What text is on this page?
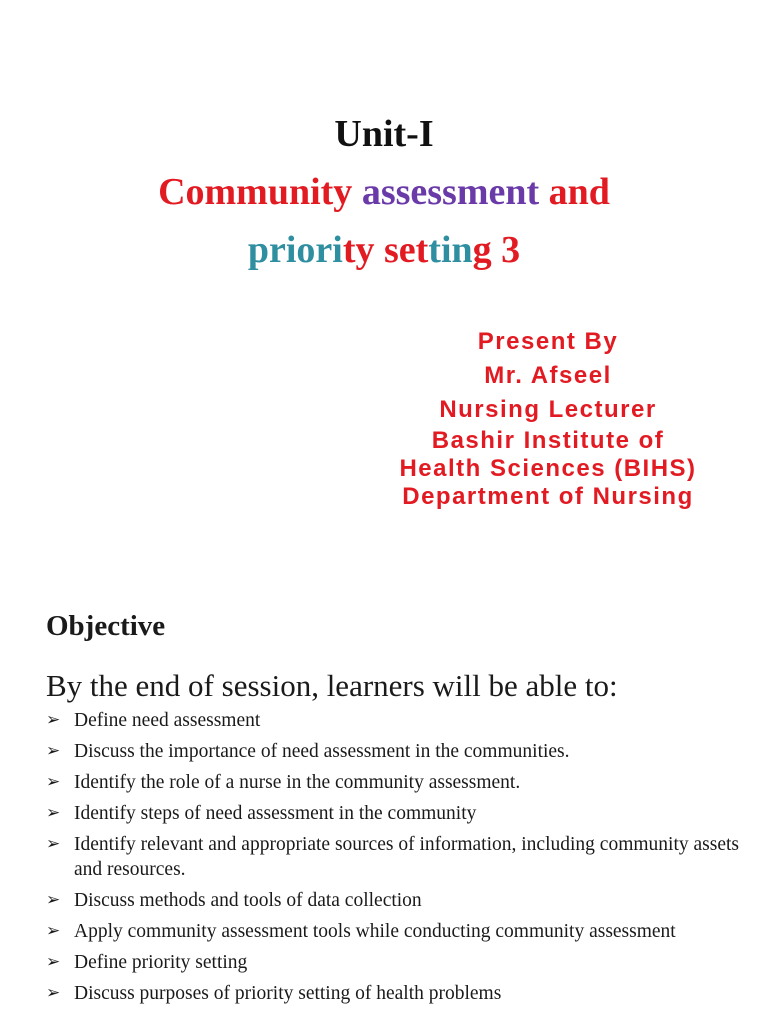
Unit-I
Community assessment and
priority setting 3
Present By
Mr. Afseel
Nursing Lecturer
Bashir Institute of
Health Sciences (BIHS)
Department of Nursing
Objective
By the end of session, learners will be able to:
➢ Define need assessment
➢ Discuss the importance of need assessment in the communities.
➢ Identify the role of a nurse in the community assessment.
➢ Identify steps of need assessment in the community
➢ Identify relevant and appropriate sources of information, including community assets and resources.
➢ Discuss methods and tools of data collection
➢ Apply community assessment tools while conducting community assessment
➢ Define priority setting
➢ Discuss purposes of priority setting of health problems
